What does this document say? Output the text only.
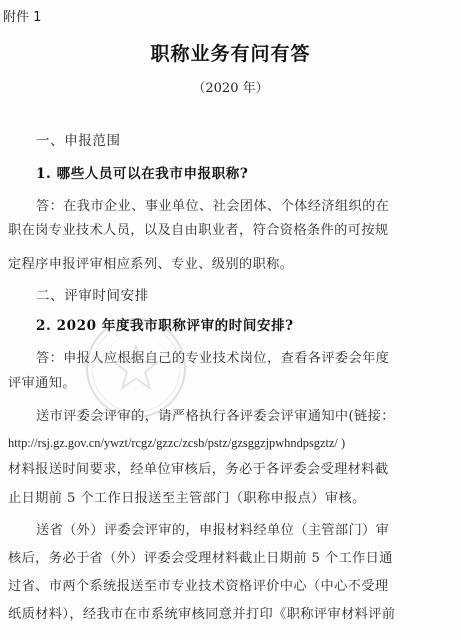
附件 1
职称业务有问有答
（2020 年）
一、申报范围
1. 哪些人员可以在我市申报职称?
答：在我市企业、事业单位、社会团体、个体经济组织的在
职在岗专业技术人员，以及自由职业者，符合资格条件的可按规
定程序申报评审相应系列、专业、级别的职称。
二、评审时间安排
2. 2020 年度我市职称评审的时间安排?
答：申报人应根据自己的专业技术岗位，查看各评委会年度
评审通知。
送市评委会评审的，请严格执行各评委会评审通知中(链接：
http://rsj.gz.gov.cn/ywzt/rcgz/gzzc/zcsb/pstz/gzsggzjpwhndpsgztz/ )
材料报送时间要求，经单位审核后，务必于各评委会受理材料截
止日期前 5 个工作日报送至主管部门（职称申报点）审核。
送省（外）评委会评审的，申报材料经单位（主管部门）审
核后，务必于省（外）评委会受理材料截止日期前 5 个工作日通
过省、市两个系统报送至市专业技术资格评价中心（中心不受理
纸质材料），经我市在市系统审核同意并打印《职称评审材料评前
